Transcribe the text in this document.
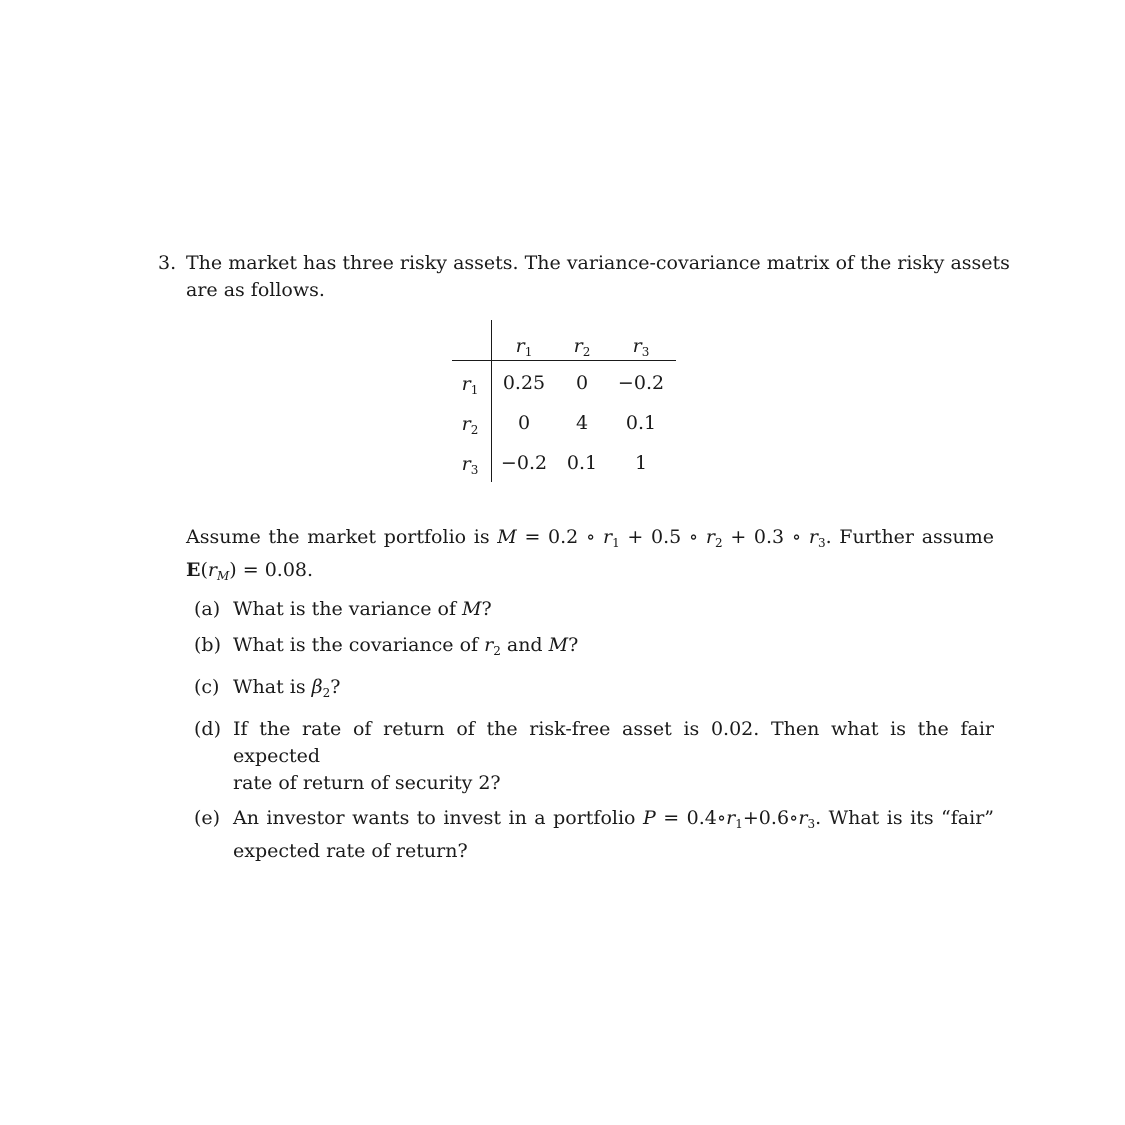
3. The market has three risky assets. The variance-covariance matrix of the risky assets
are as follows.
$r_1$ $r_2$ $r_3$
$r_1$
$r_2$
$r_3$
0.25 0 −0.2
0 4 0.1
−0.2 0.1 1
Assume the market portfolio is M = 0.2 ∘ $r_1 + 0.5$ ∘ $r_2 + 0.3$ ∘ $r_3$. Further assume
$E(r_M) = 0.08$.
(a) What is the variance of M?
(b) What is the covariance of $r_2$ and M?
(c) What is $\beta_2$?
(d) If the rate of return of the risk-free asset is 0.02. Then what is the fair expected
rate of return of security 2?
(e) An investor wants to invest in a portfolio $P = 0.4\circ r_1+0.6\circ r_3$. What is its “fair”
expected rate of return?
